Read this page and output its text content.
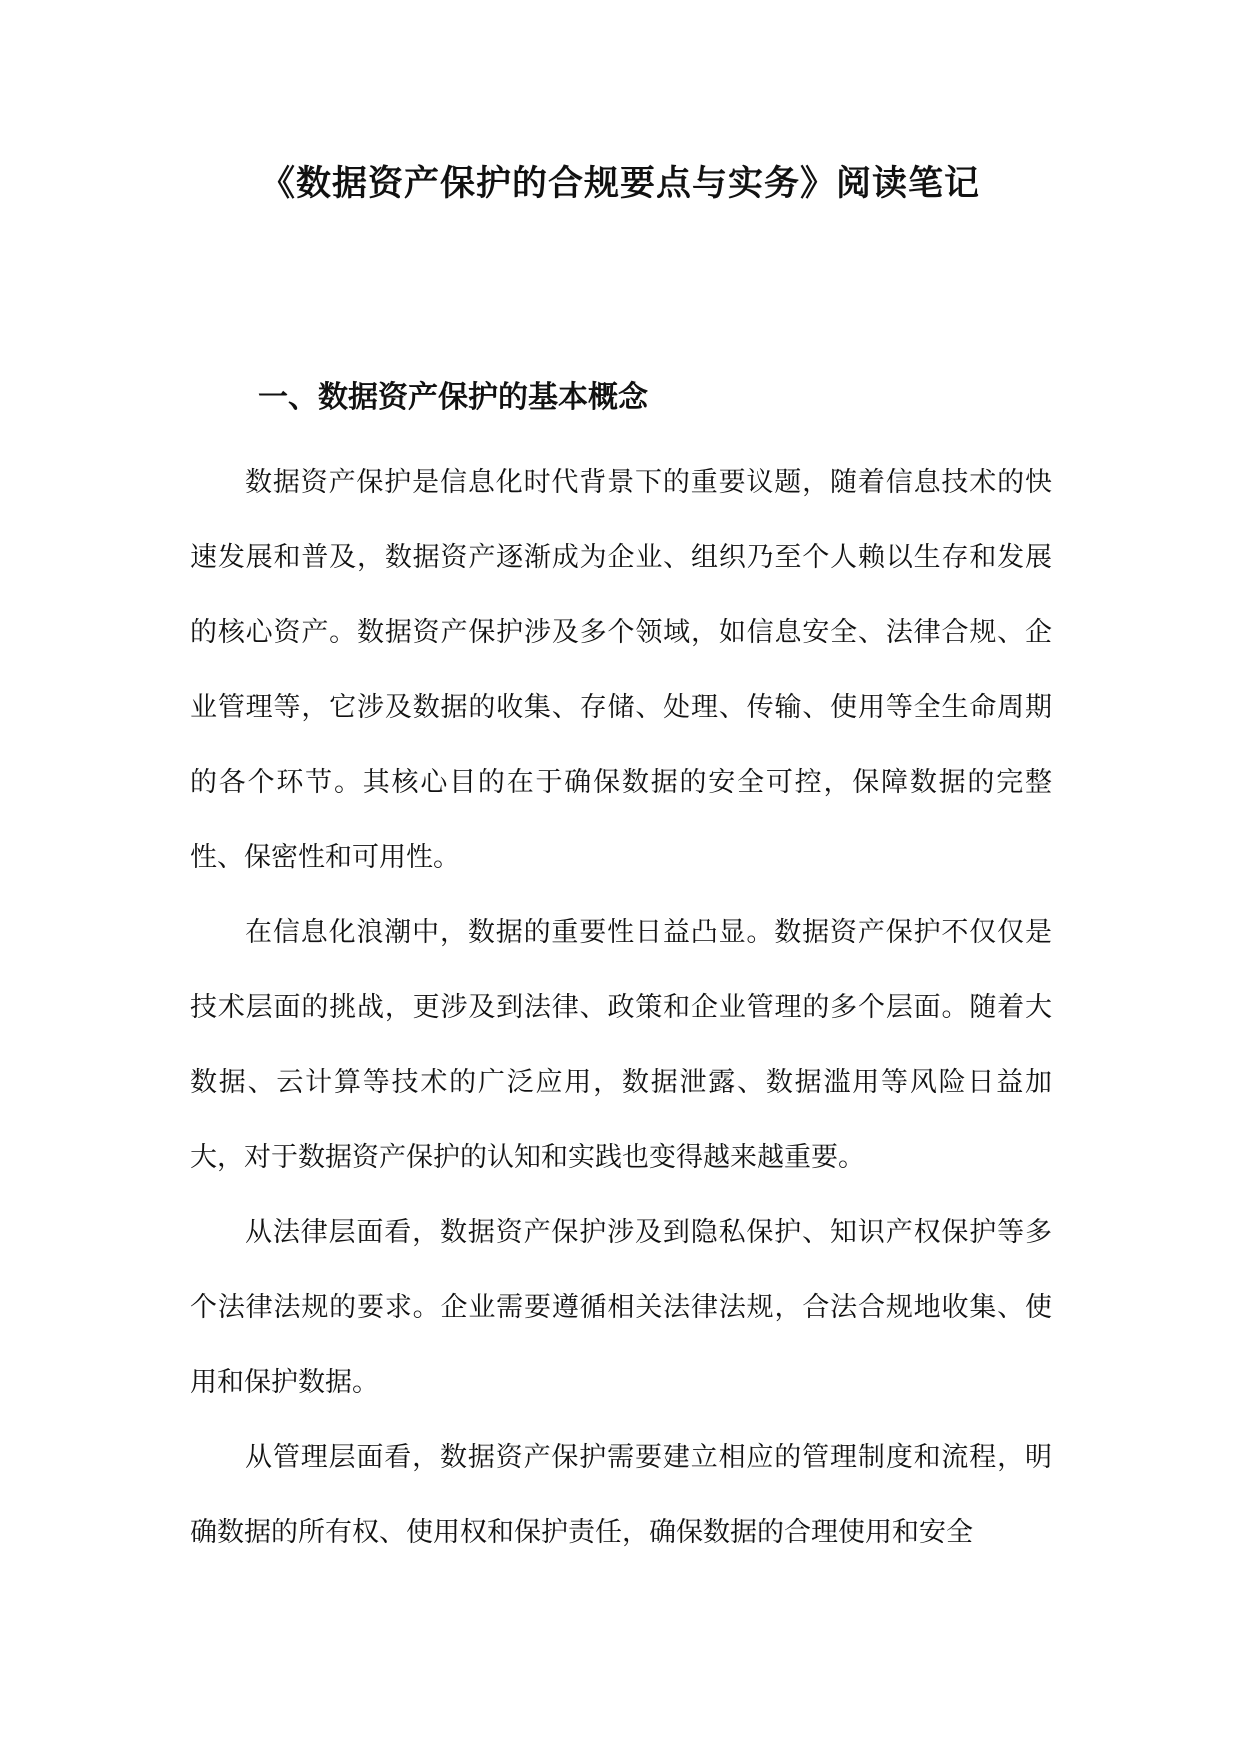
《数据资产保护的合规要点与实务》阅读笔记
一、数据资产保护的基本概念

数据资产保护是信息化时代背景下的重要议题，随着信息技术的快速发展和普及，数据资产逐渐成为企业、组织乃至个人赖以生存和发展的核心资产。数据资产保护涉及多个领域，如信息安全、法律合规、企业管理等，它涉及数据的收集、存储、处理、传输、使用等全生命周期的各个环节。其核心目的在于确保数据的安全可控，保障数据的完整性、保密性和可用性。

在信息化浪潮中，数据的重要性日益凸显。数据资产保护不仅仅是技术层面的挑战，更涉及到法律、政策和企业管理的多个层面。随着大数据、云计算等技术的广泛应用，数据泄露、数据滥用等风险日益加大，对于数据资产保护的认知和实践也变得越来越重要。

从法律层面看，数据资产保护涉及到隐私保护、知识产权保护等多个法律法规的要求。企业需要遵循相关法律法规，合法合规地收集、使用和保护数据。

从管理层面看，数据资产保护需要建立相应的管理制度和流程，明确数据的所有权、使用权和保护责任，确保数据的合理使用和安全
